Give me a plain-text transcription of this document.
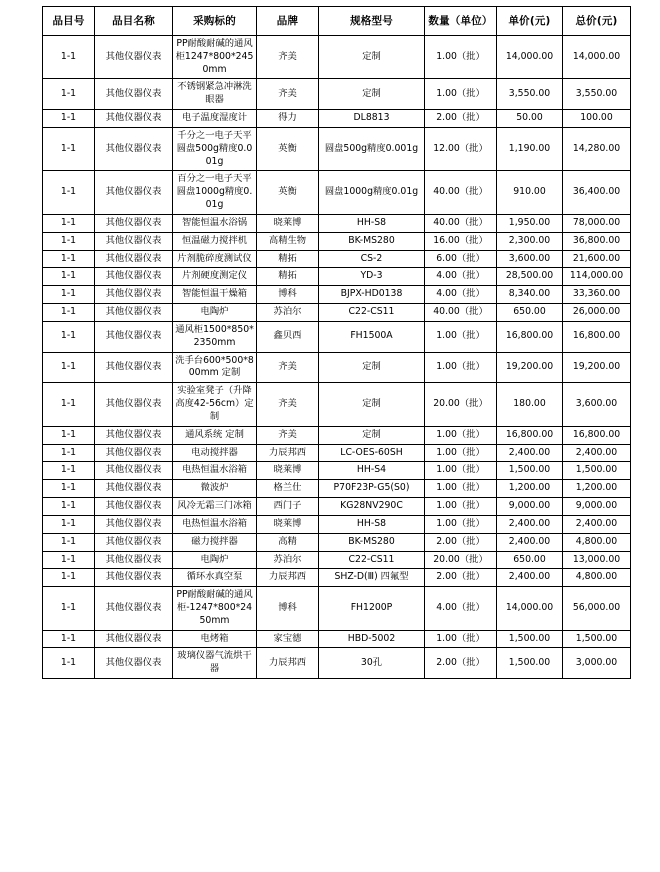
品目号	品目名称	采购标的	品牌	规格型号	数量（单位）	单价(元)	总价(元)
1-1	其他仪器仪表	PP耐酸耐碱的通风柜1247*800*2450mm	齐美	定制	1.00（批）	14,000.00	14,000.00
1-1	其他仪器仪表	不锈钢紧急冲淋洗眼器	齐美	定制	1.00（批）	3,550.00	3,550.00
1-1	其他仪器仪表	电子温度湿度计	得力	DL8813	2.00（批）	50.00	100.00
1-1	其他仪器仪表	千分之一电子天平 圆盘500g精度0.001g	英衡	圆盘500g精度0.001g	12.00（批）	1,190.00	14,280.00
1-1	其他仪器仪表	百分之一电子天平 圆盘1000g精度0.01g	英衡	圆盘1000g精度0.01g	40.00（批）	910.00	36,400.00
1-1	其他仪器仪表	智能恒温水浴锅	晓莱博	HH-S8	40.00（批）	1,950.00	78,000.00
1-1	其他仪器仪表	恒温磁力搅拌机	高精生物	BK-MS280	16.00（批）	2,300.00	36,800.00
1-1	其他仪器仪表	片剂脆碎度测试仪	精拓	CS-2	6.00（批）	3,600.00	21,600.00
1-1	其他仪器仪表	片剂硬度测定仪	精拓	YD-3	4.00（批）	28,500.00	114,000.00
1-1	其他仪器仪表	智能恒温干燥箱	博科	BJPX-HD0138	4.00（批）	8,340.00	33,360.00
1-1	其他仪器仪表	电陶炉	苏泊尔	C22-CS11	40.00（批）	650.00	26,000.00
1-1	其他仪器仪表	通风柜1500*850*2350mm	鑫贝西	FH1500A	1.00（批）	16,800.00	16,800.00
1-1	其他仪器仪表	洗手台600*500*800mm 定制	齐美	定制	1.00（批）	19,200.00	19,200.00
1-1	其他仪器仪表	实验室凳子（升降高度42-56cm）定制	齐美	定制	20.00（批）	180.00	3,600.00
1-1	其他仪器仪表	通风系统 定制	齐美	定制	1.00（批）	16,800.00	16,800.00
1-1	其他仪器仪表	电动搅拌器	力辰邦西	LC-OES-60SH	1.00（批）	2,400.00	2,400.00
1-1	其他仪器仪表	电热恒温水浴箱	晓莱博	HH-S4	1.00（批）	1,500.00	1,500.00
1-1	其他仪器仪表	微波炉	格兰仕	P70F23P-G5(S0)	1.00（批）	1,200.00	1,200.00
1-1	其他仪器仪表	风冷无霜三门冰箱	西门子	KG28NV290C	1.00（批）	9,000.00	9,000.00
1-1	其他仪器仪表	电热恒温水浴箱	晓莱博	HH-S8	1.00（批）	2,400.00	2,400.00
1-1	其他仪器仪表	磁力搅拌器	高精	BK-MS280	2.00（批）	2,400.00	4,800.00
1-1	其他仪器仪表	电陶炉	苏泊尔	C22-CS11	20.00（批）	650.00	13,000.00
1-1	其他仪器仪表	循环水真空泵	力辰邦西	SHZ-D(Ⅲ) 四氟型	2.00（批）	2,400.00	4,800.00
1-1	其他仪器仪表	PP耐酸耐碱的通风柜-1247*800*2450mm	博科	FH1200P	4.00（批）	14,000.00	56,000.00
1-1	其他仪器仪表	电烤箱	家宝德	HBD-5002	1.00（批）	1,500.00	1,500.00
1-1	其他仪器仪表	玻璃仪器气流烘干器	力辰邦西	30孔	2.00（批）	1,500.00	3,000.00
